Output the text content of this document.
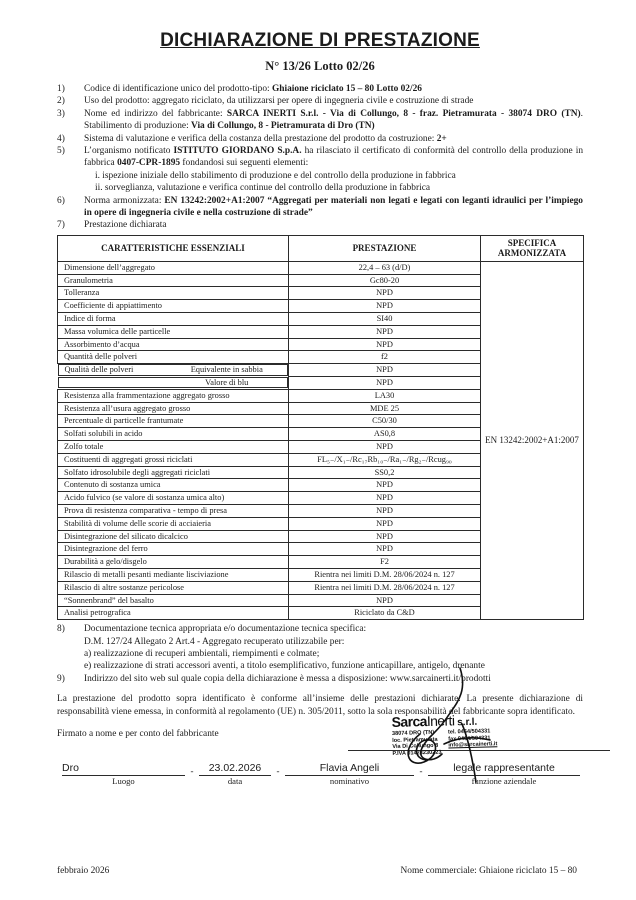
DICHIARAZIONE DI PRESTAZIONE
N° 13/26 Lotto 02/26
1)	Codice di identificazione unico del prodotto-tipo: Ghiaione riciclato 15 – 80 Lotto 02/26
2)	Uso del prodotto: aggregato riciclato, da utilizzarsi per opere di ingegneria civile e costruzione di strade
3)	Nome ed indirizzo del fabbricante: SARCA INERTI S.r.l. - Via di Collungo, 8 - fraz. Pietramurata - 38074 DRO (TN). Stabilimento di produzione: Via di Collungo, 8 - Pietramurata di Dro (TN)
4)	Sistema di valutazione e verifica della costanza della prestazione del prodotto da costruzione: 2+
5)	L’organismo notificato ISTITUTO GIORDANO S.p.A. ha rilasciato il certificato di conformità del controllo della produzione in fabbrica 0407-CPR-1895 fondandosi sui seguenti elementi:
i. ispezione iniziale dello stabilimento di produzione e del controllo della produzione in fabbrica
ii. sorveglianza, valutazione e verifica continue del controllo della produzione in fabbrica
6)	Norma armonizzata: EN 13242:2002+A1:2007 “Aggregati per materiali non legati e legati con leganti idraulici per l’impiego in opere di ingegneria civile e nella costruzione di strade”
7)	Prestazione dichiarata
CARATTERISTICHE ESSENZIALI	PRESTAZIONE	SPECIFICA ARMONIZZATA
Dimensione dell’aggregato	22,4 – 63 (d/D)	EN 13242:2002+A1:2007
Granulometria	Gc80-20	
Tolleranza	NPD	
Coefficiente di appiattimento	NPD	
Indice di forma	SI40	
Massa volumica delle particelle	NPD	
Assorbimento d’acqua	NPD	
Quantità delle polveri	f2	

Qualità delle polveri	Equivalente in sabbia	NPD	

Valore di blu	NPD	
Resistenza alla frammentazione aggregato grosso	LA30	
Resistenza all’usura aggregato grosso	MDE 25	
Percentuale di particelle frantumate	C50/30	
Solfati solubili in acido	AS0,8	
Zolfo totale	NPD	
Costituenti di aggregati grossi riciclati	FL₅₋/X₁₋/Rc₁₇Rb₁₀₋/Ra₁₋/Rg₂₋/Rcug₉₀	
Solfato idrosolubile degli aggregati riciclati	SS0,2	
Contenuto di sostanza umica	NPD	
Acido fulvico (se valore di sostanza umica alto)	NPD	
Prova di resistenza comparativa - tempo di presa	NPD	
Stabilità di volume delle scorie di acciaieria	NPD	
Disintegrazione del silicato dicalcico	NPD	
Disintegrazione del ferro	NPD	
Durabilità a gelo/disgelo	F2	
Rilascio di metalli pesanti mediante lisciviazione	Rientra nei limiti D.M. 28/06/2024 n. 127	
Rilascio di altre sostanze pericolose	Rientra nei limiti D.M. 28/06/2024 n. 127	
“Sonnenbrand” del basalto	NPD	
Analisi petrografica	Riciclato da C&D	
8)	Documentazione tecnica appropriata e/o documentazione tecnica specifica:
D.M. 127/24 Allegato 2 Art.4 - Aggregato recuperato utilizzabile per:
a) realizzazione di recuperi ambientali, riempimenti e colmate;
e) realizzazione di strati accessori aventi, a titolo esemplificativo, funzione anticapillare, antigelo, drenante
9)	Indirizzo del sito web sul quale copia della dichiarazione è messa a disposizione: www.sarcainerti.it/prodotti
La prestazione del prodotto sopra identificato è conforme all’insieme delle prestazioni dichiarate. La presente dichiarazione di responsabilità viene emessa, in conformità al regolamento (UE) n. 305/2011, sotto la sola responsabilità del fabbricante sopra identificato.
Firmato a nome e per conto del fabbricante
Dro	-	23.02.2026	-	Flavia Angeli	-	legale rappresentante
Luogo	data	nominativo	funzione aziendale
SarcaInerti s.r.l.
38074 DRO (TN)
loc. Pietramurata
Via Di Collungo 8
P.IVA 01423230223
tel. 0464/504331
fax 0464/504331
info@sarcainerti.it
febbraio 2026	Nome commerciale: Ghiaione riciclato 15 – 80
